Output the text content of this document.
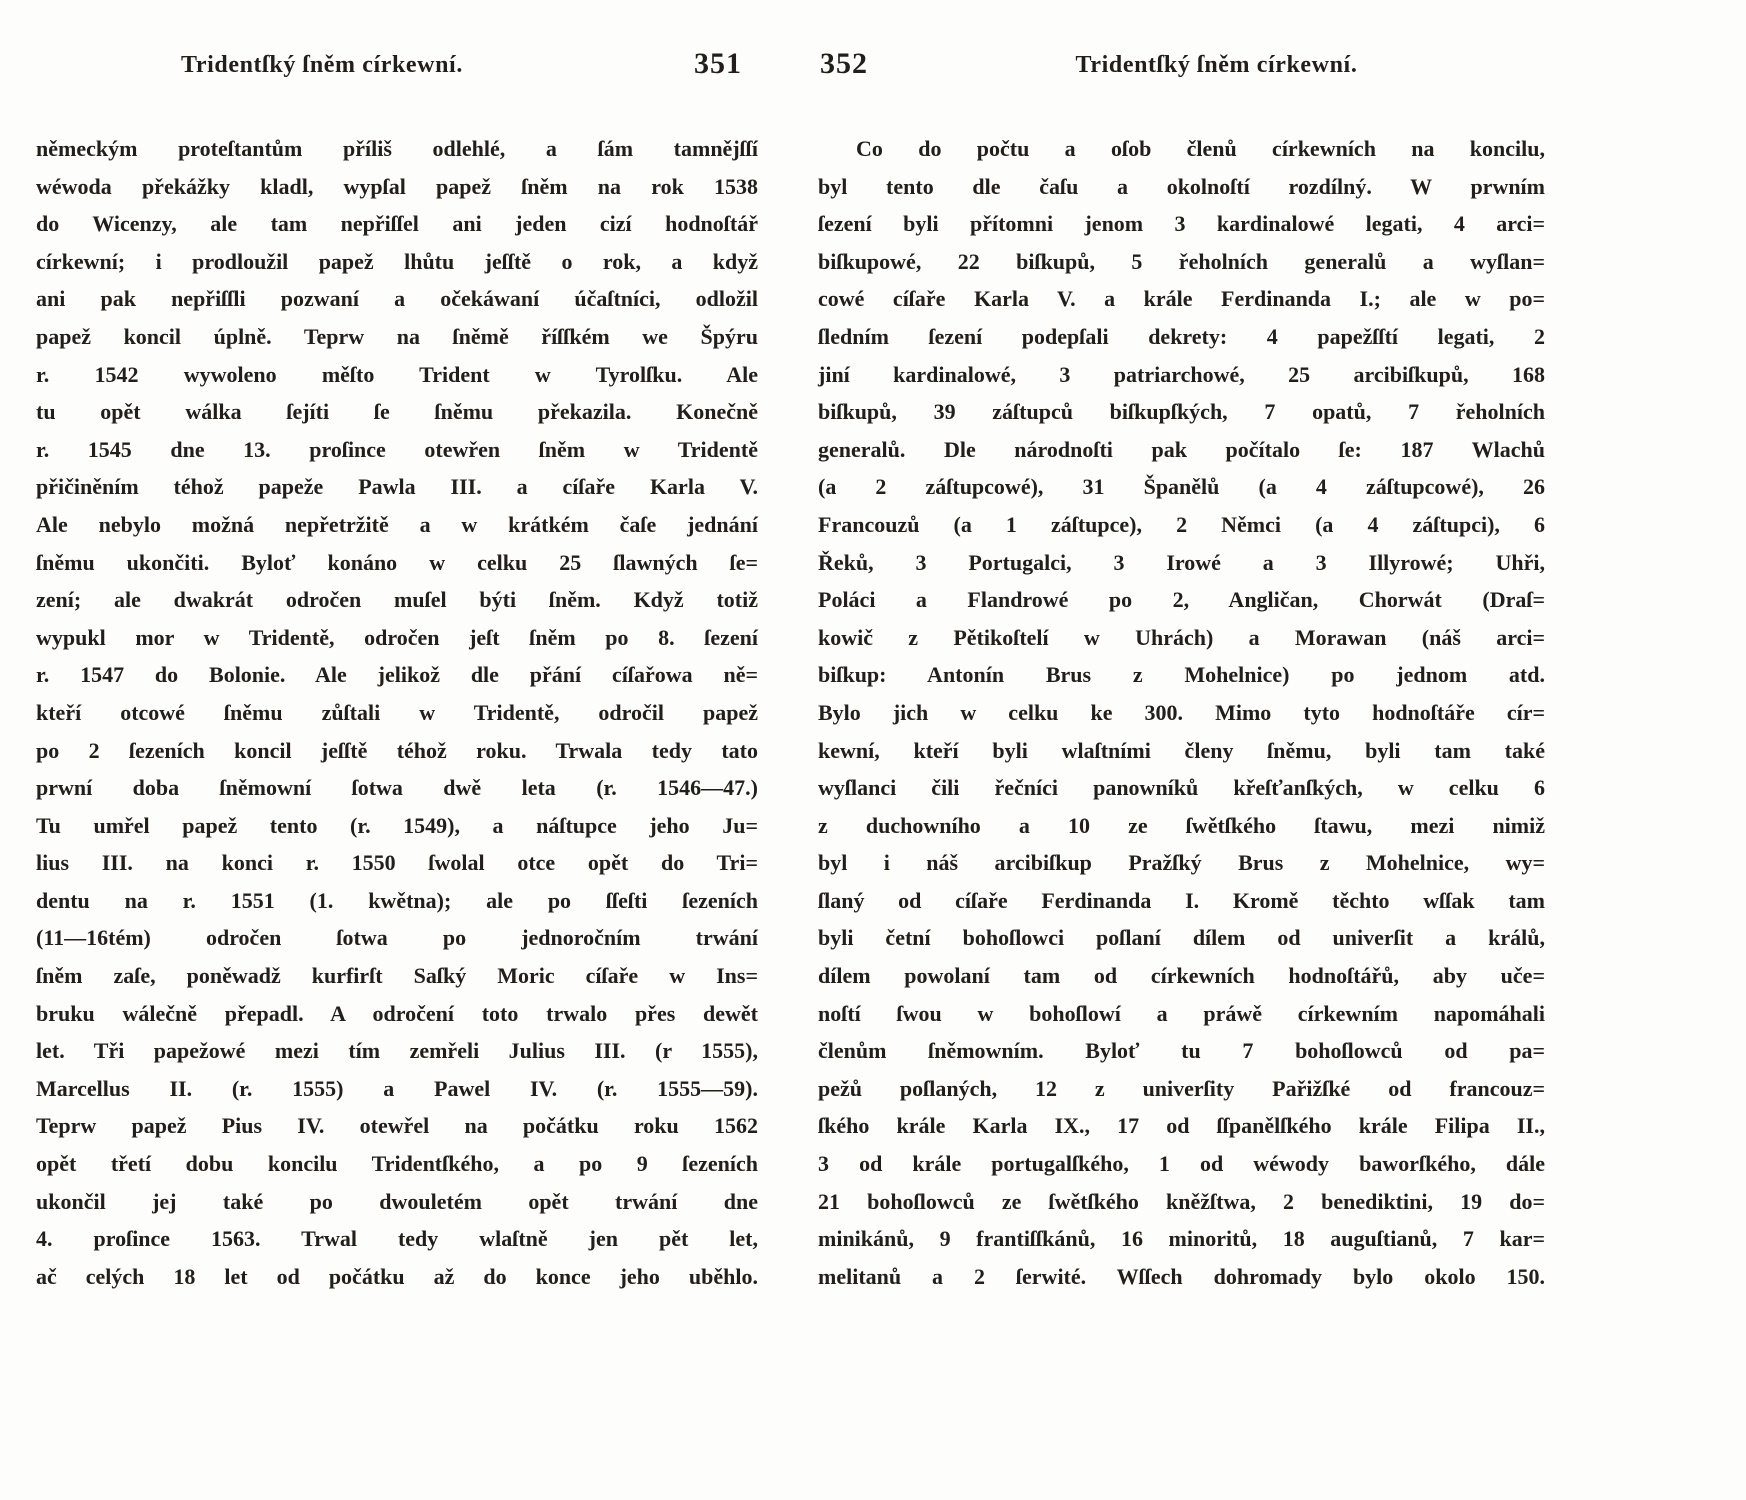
Tridentſký ſněm církewní.	351
německým proteſtantům příliš odlehlé, a ſám tamnějſſí
wéwoda překážky kladl, wypſal papež ſněm na rok 1538
do Wicenzy, ale tam nepřiſſel ani jeden cizí hodnoſtář
církewní; i prodloužil papež lhůtu jeſſtě o rok, a když
ani pak nepřiſſli pozwaní a očekáwaní účaſtníci, odložil
papež koncil úplně. Teprw na ſněmě říſſkém we Špýru
r. 1542 wywoleno měſto Trident w Tyrolſku. Ale
tu opět wálka ſejíti ſe ſněmu překazila. Konečně
r. 1545 dne 13. proſince otewřen ſněm w Tridentě
přičiněním téhož papeže Pawla III. a cíſaře Karla V.
Ale nebylo možná nepřetržitě a w krátkém čaſe jednání
ſněmu ukončiti. Byloť konáno w celku 25 ſlawných ſe=
zení; ale dwakrát odročen muſel býti ſněm. Když totiž
wypukl mor w Tridentě, odročen jeſt ſněm po 8. ſezení
r. 1547 do Bolonie. Ale jelikož dle přání cíſařowa ně=
kteří otcowé ſněmu zůſtali w Tridentě, odročil papež
po 2 ſezeních koncil jeſſtě téhož roku. Trwala tedy tato
prwní doba ſněmowní ſotwa dwě leta (r. 1546—47.)
Tu umřel papež tento (r. 1549), a náſtupce jeho Ju=
lius III. na konci r. 1550 ſwolal otce opět do Tri=
dentu na r. 1551 (1. kwětna); ale po ſſeſti ſezeních
(11—16tém) odročen ſotwa po jednoročním trwání
ſněm zaſe, poněwadž kurfirſt Saſký Moric cíſaře w Ins=
bruku wálečně přepadl. A odročení toto trwalo přes dewět
let. Tři papežowé mezi tím zemřeli Julius III. (r 1555),
Marcellus II. (r. 1555) a Pawel IV. (r. 1555—59).
Teprw papež Pius IV. otewřel na počátku roku 1562
opět třetí dobu koncilu Tridentſkého, a po 9 ſezeních
ukončil jej také po dwouletém opět trwání dne
4. proſince 1563. Trwal tedy wlaſtně jen pět let,
ač celých 18 let od počátku až do konce jeho uběhlo.
352	Tridentſký ſněm církewní.
Co do počtu a oſob členů církewních na koncilu,
byl tento dle čaſu a okolnoſtí rozdílný. W prwním
ſezení byli přítomni jenom 3 kardinalowé legati, 4 arci=
biſkupowé, 22 biſkupů, 5 řeholních generalů a wyſlan=
cowé cíſaře Karla V. a krále Ferdinanda I.; ale w po=
ſledním ſezení podepſali dekrety: 4 papežſſtí legati, 2
jiní kardinalowé, 3 patriarchowé, 25 arcibiſkupů, 168
biſkupů, 39 záſtupců biſkupſkých, 7 opatů, 7 řeholních
generalů. Dle národnoſti pak počítalo ſe: 187 Wlachů
(a 2 záſtupcowé), 31 Španělů (a 4 záſtupcowé), 26
Francouzů (a 1 záſtupce), 2 Němci (a 4 záſtupci), 6
Řeků, 3 Portugalci, 3 Irowé a 3 Illyrowé; Uhři,
Poláci a Flandrowé po 2, Angličan, Chorwát (Draſ=
kowič z Pětikoſtelí w Uhrách) a Morawan (náš arci=
biſkup: Antonín Brus z Mohelnice) po jednom atd.
Bylo jich w celku ke 300. Mimo tyto hodnoſtáře cír=
kewní, kteří byli wlaſtními členy ſněmu, byli tam také
wyſlanci čili řečníci panowníků křeſťanſkých, w celku 6
z duchowního a 10 ze ſwětſkého ſtawu, mezi nimiž
byl i náš arcibiſkup Pražſký Brus z Mohelnice, wy=
ſlaný od cíſaře Ferdinanda I. Kromě těchto wſſak tam
byli četní bohoſlowci poſlaní dílem od univerſit a králů,
dílem powolaní tam od církewních hodnoſtářů, aby uče=
noſtí ſwou w bohoſlowí a práwě církewním napomáhali
členům ſněmowním. Byloť tu 7 bohoſlowců od pa=
pežů poſlaných, 12 z univerſity Pařižſké od francouz=
ſkého krále Karla IX., 17 od ſſpanělſkého krále Filipa II.,
3 od krále portugalſkého, 1 od wéwody baworſkého, dále
21 bohoſlowců ze ſwětſkého kněžſtwa, 2 benediktini, 19 do=
minikánů, 9 frantiſſkánů, 16 minoritů, 18 auguſtianů, 7 kar=
melitanů a 2 ſerwité. Wſſech dohromady bylo okolo 150.
